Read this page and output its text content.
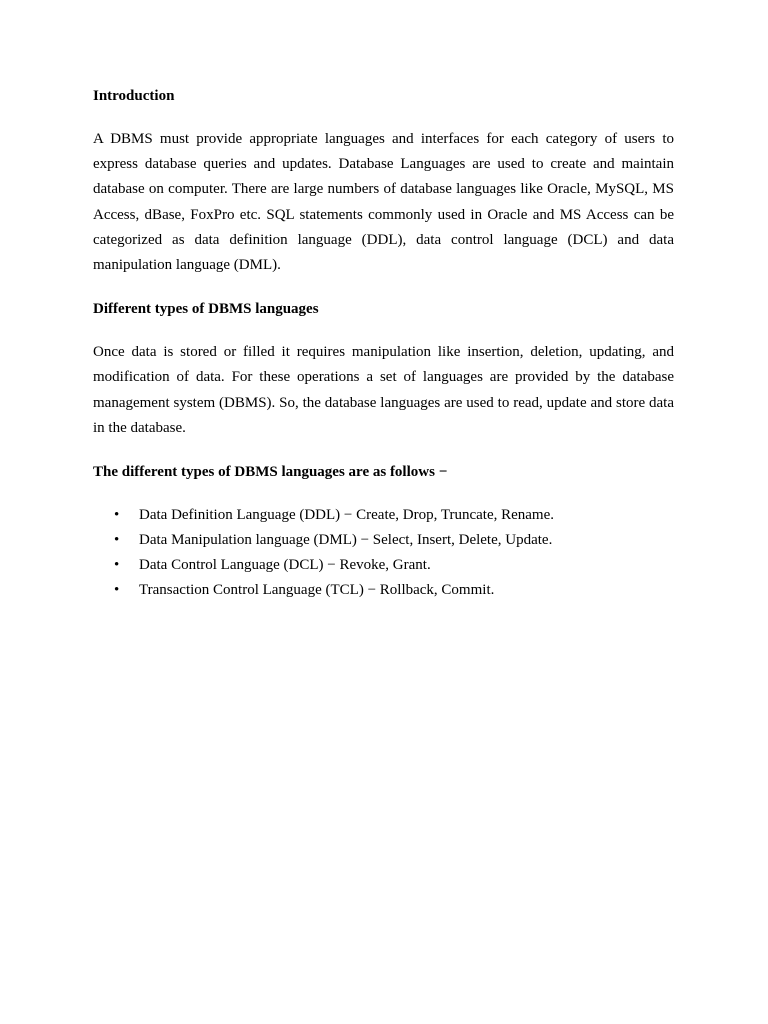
Introduction

A DBMS must provide appropriate languages and interfaces for each category of users to express database queries and updates. Database Languages are used to create and maintain database on computer. There are large numbers of database languages like Oracle, MySQL, MS Access, dBase, FoxPro etc. SQL statements commonly used in Oracle and MS Access can be categorized as data definition language (DDL), data control language (DCL) and data manipulation language (DML).

Different types of DBMS languages

Once data is stored or filled it requires manipulation like insertion, deletion, updating, and modification of data. For these operations a set of languages are provided by the database management system (DBMS). So, the database languages are used to read, update and store data in the database.

The different types of DBMS languages are as follows −

• Data Definition Language (DDL) − Create, Drop, Truncate, Rename.
• Data Manipulation language (DML) − Select, Insert, Delete, Update.
• Data Control Language (DCL) − Revoke, Grant.
• Transaction Control Language (TCL) − Rollback, Commit.
